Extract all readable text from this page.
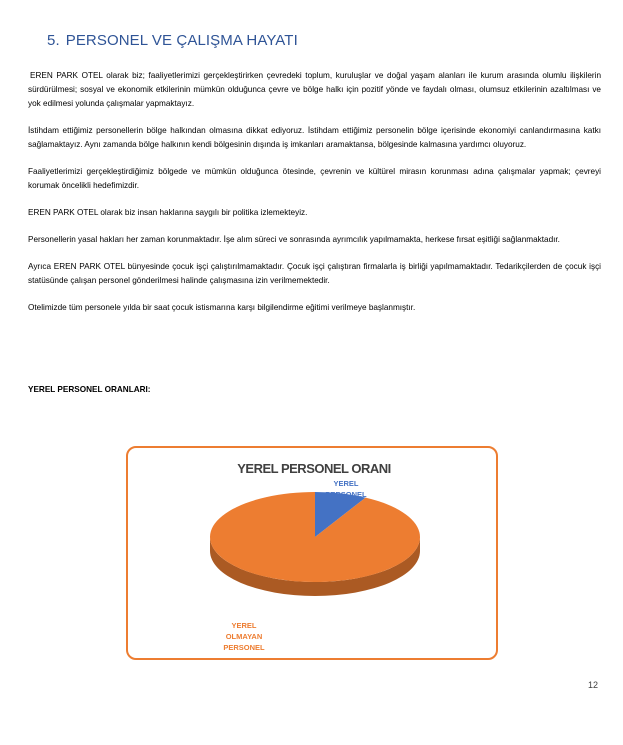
5. PERSONEL VE ÇALIŞMA HAYATI

EREN PARK OTEL olarak biz; faaliyetlerimizi gerçekleştirirken çevredeki toplum, kuruluşlar ve doğal yaşam alanları ile kurum arasında olumlu ilişkilerin sürdürülmesi; sosyal ve ekonomik etkilerinin mümkün olduğunca çevre ve bölge halkı için pozitif yönde ve faydalı olması, olumsuz etkilerinin azaltılması ve yok edilmesi yolunda çalışmalar yapmaktayız.

İstihdam ettiğimiz personellerin bölge halkından olmasına dikkat ediyoruz. İstihdam ettiğimiz personelin bölge içerisinde ekonomiyi canlandırmasına katkı sağlamaktayız. Aynı zamanda bölge halkının kendi bölgesinin dışında iş imkanları aramaktansa, bölgesinde kalmasına yardımcı oluyoruz.

Faaliyetlerimizi gerçekleştirdiğimiz bölgede ve mümkün olduğunca ötesinde, çevrenin ve kültürel mirasın korunması adına çalışmalar yapmak; çevreyi korumak öncelikli hedefimizdir.

EREN PARK OTEL olarak biz insan haklarına saygılı bir politika izlemekteyiz.

Personellerin yasal hakları her zaman korunmaktadır. İşe alım süreci ve sonrasında ayrımcılık yapılmamakta, herkese fırsat eşitliği sağlanmaktadır.

Ayrıca EREN PARK OTEL bünyesinde çocuk işçi çalıştırılmamaktadır. Çocuk işçi çalıştıran firmalarla iş birliği yapılmamaktadır. Tedarikçilerden de çocuk işçi statüsünde çalışan personel gönderilmesi halinde çalışmasına izin verilmemektedir.

Otelimizde tüm personele yılda bir saat çocuk istismarına karşı bilgilendirme eğitimi verilmeye başlanmıştır.

YEREL PERSONEL ORANLARI:

YEREL PERSONEL ORANI
YEREL PERSONEL
YEREL OLMAYAN PERSONEL
12
